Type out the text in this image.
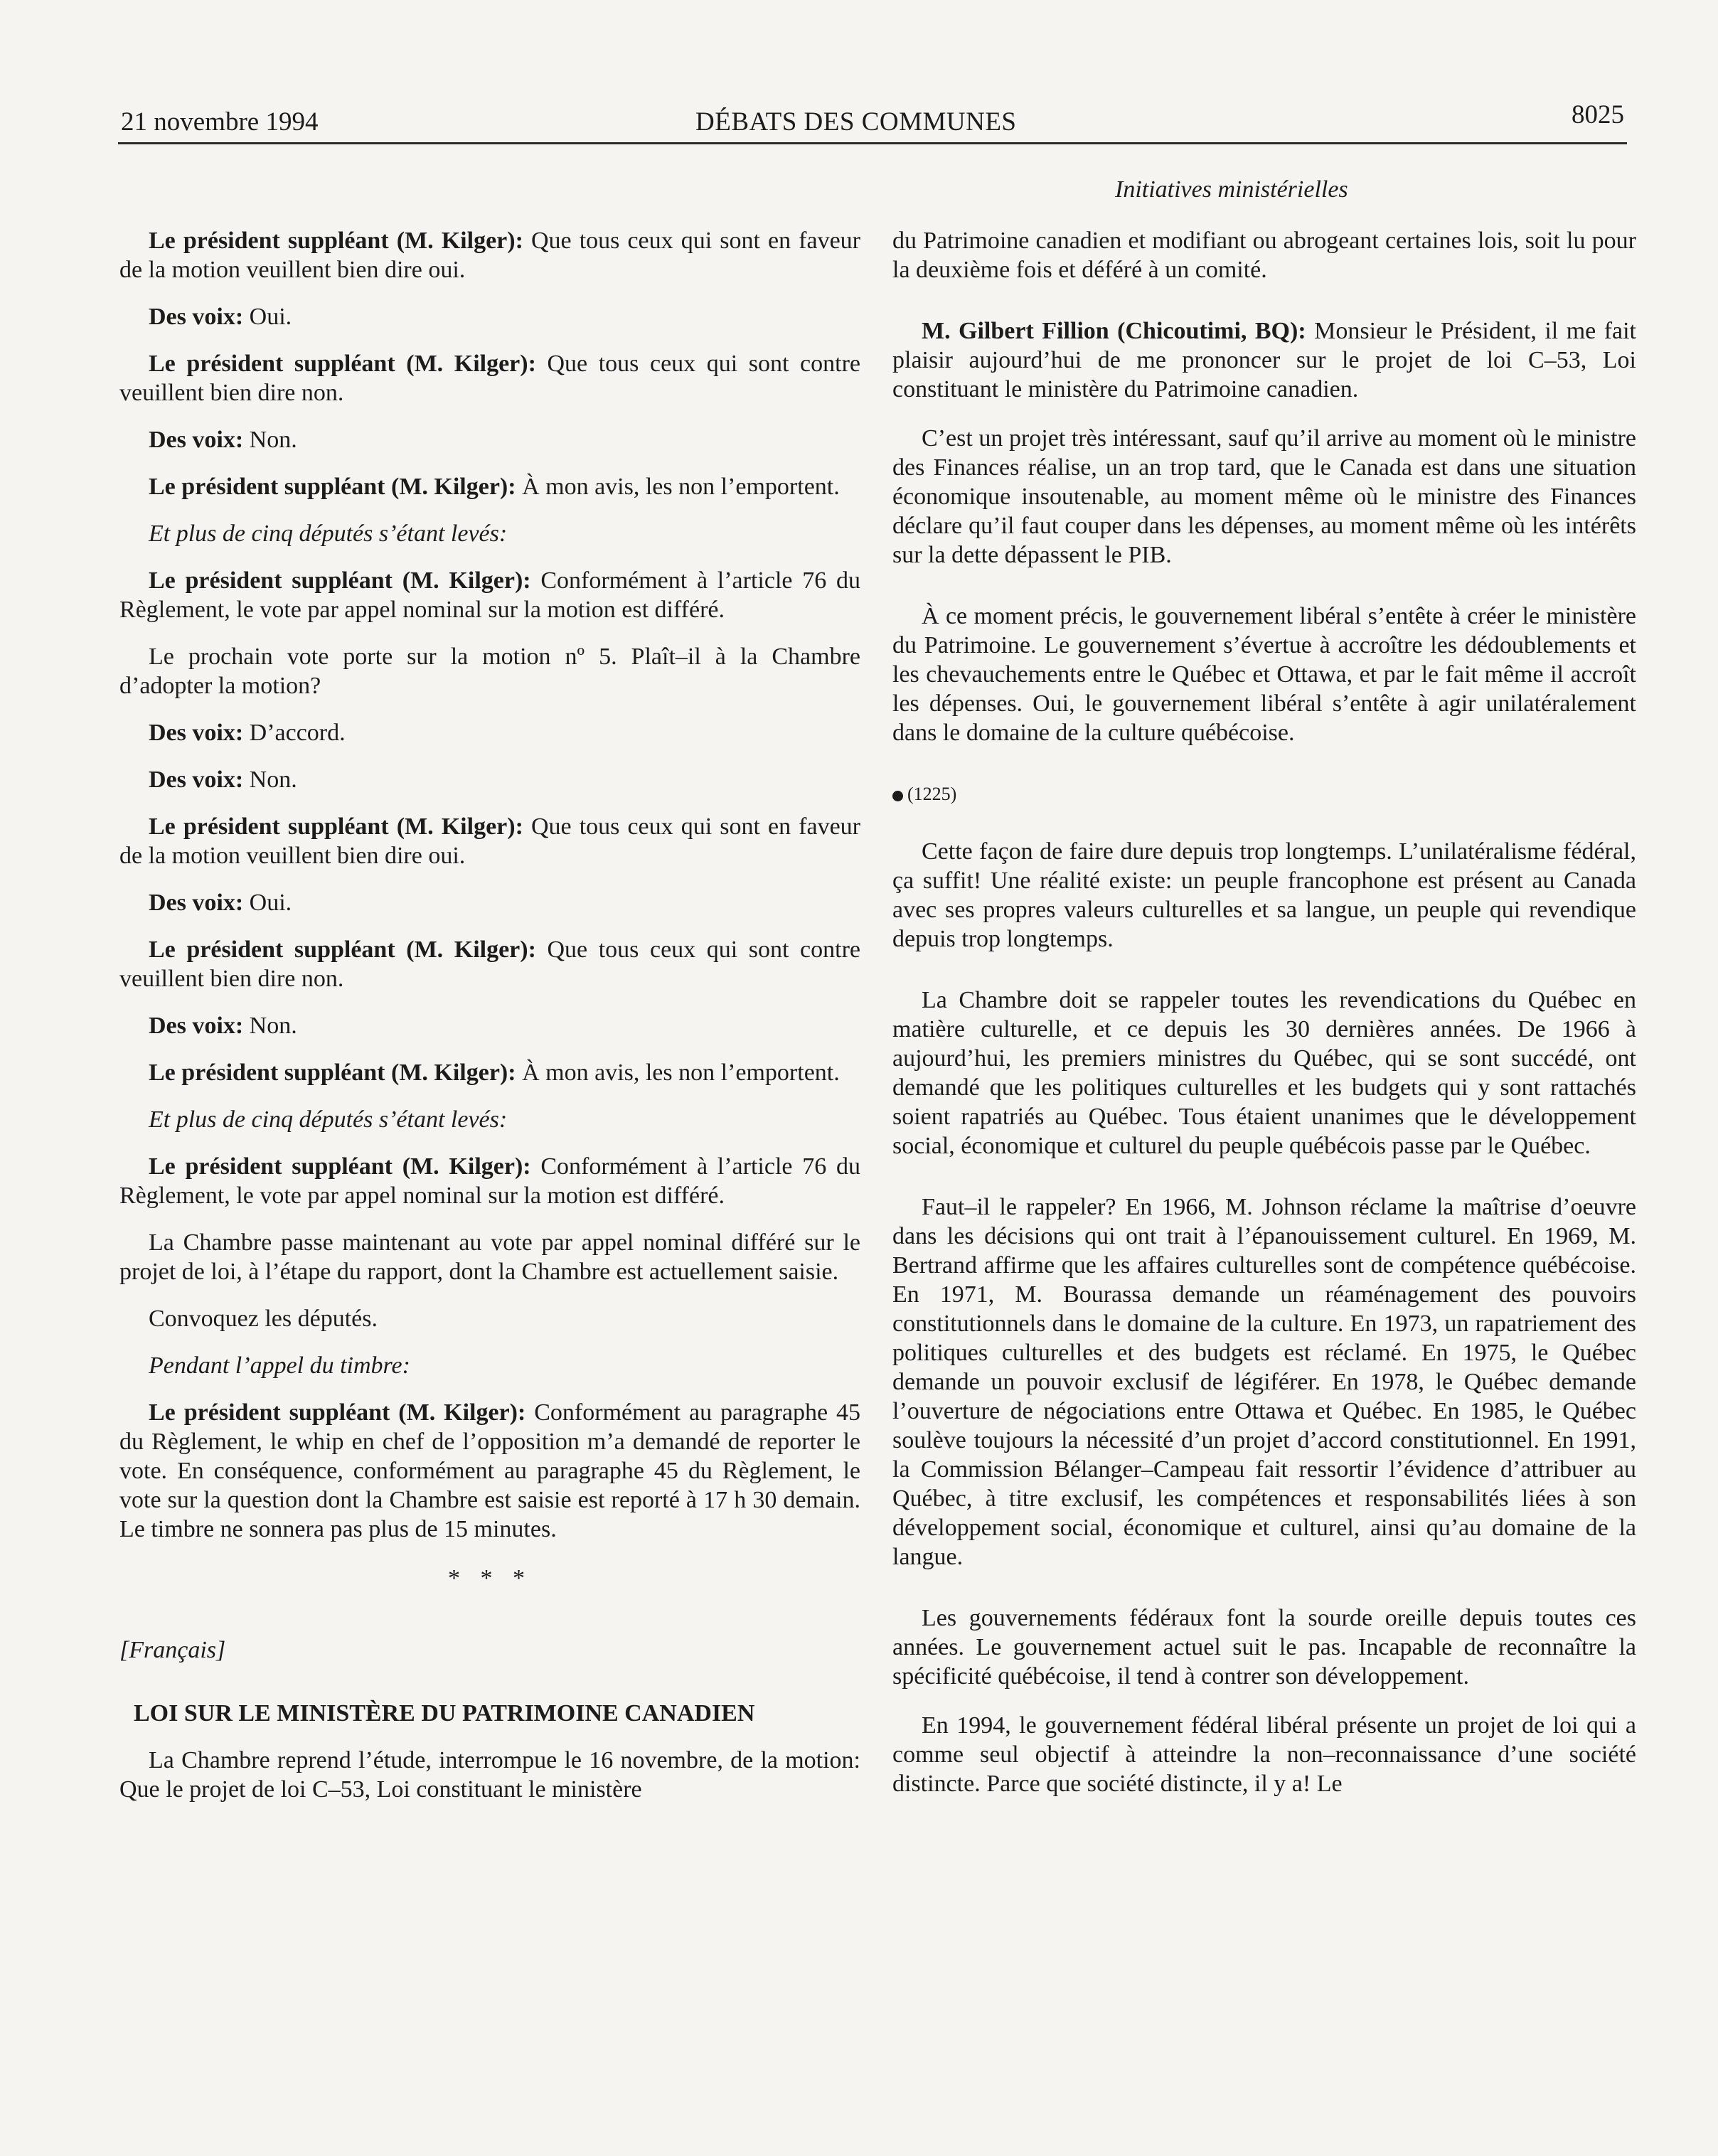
21 novembre 1994	DÉBATS DES COMMUNES	8025
Initiatives ministérielles

Le président suppléant (M. Kilger): Que tous ceux qui sont en faveur de la motion veuillent bien dire oui.

Des voix: Oui.

Le président suppléant (M. Kilger): Que tous ceux qui sont contre veuillent bien dire non.

Des voix: Non.

Le président suppléant (M. Kilger): À mon avis, les non l’emportent.

Et plus de cinq députés s’étant levés:

Le président suppléant (M. Kilger): Conformément à l’article 76 du Règlement, le vote par appel nominal sur la motion est différé.

Le prochain vote porte sur la motion nº 5. Plaît–il à la Chambre d’adopter la motion?

Des voix: D’accord.

Des voix: Non.

Le président suppléant (M. Kilger): Que tous ceux qui sont en faveur de la motion veuillent bien dire oui.

Des voix: Oui.

Le président suppléant (M. Kilger): Que tous ceux qui sont contre veuillent bien dire non.

Des voix: Non.

Le président suppléant (M. Kilger): À mon avis, les non l’emportent.

Et plus de cinq députés s’étant levés:

Le président suppléant (M. Kilger): Conformément à l’article 76 du Règlement, le vote par appel nominal sur la motion est différé.

La Chambre passe maintenant au vote par appel nominal différé sur le projet de loi, à l’étape du rapport, dont la Chambre est actuellement saisie.

Convoquez les députés.

Pendant l’appel du timbre:

Le président suppléant (M. Kilger): Conformément au paragraphe 45 du Règlement, le whip en chef de l’opposition m’a demandé de reporter le vote. En conséquence, conformément au paragraphe 45 du Règlement, le vote sur la question dont la Chambre est saisie est reporté à 17 h 30 demain. Le timbre ne sonnera pas plus de 15 minutes.

* * *
[Français]

LOI SUR LE MINISTÈRE DU PATRIMOINE CANADIEN

La Chambre reprend l’étude, interrompue le 16 novembre, de la motion: Que le projet de loi C–53, Loi constituant le ministère

du Patrimoine canadien et modifiant ou abrogeant certaines lois, soit lu pour la deuxième fois et déféré à un comité.

M. Gilbert Fillion (Chicoutimi, BQ): Monsieur le Président, il me fait plaisir aujourd’hui de me prononcer sur le projet de loi C–53, Loi constituant le ministère du Patrimoine canadien.

C’est un projet très intéressant, sauf qu’il arrive au moment où le ministre des Finances réalise, un an trop tard, que le Canada est dans une situation économique insoutenable, au moment même où le ministre des Finances déclare qu’il faut couper dans les dépenses, au moment même où les intérêts sur la dette dépassent le PIB.

À ce moment précis, le gouvernement libéral s’entête à créer le ministère du Patrimoine. Le gouvernement s’évertue à accroître les dédoublements et les chevauchements entre le Québec et Ottawa, et par le fait même il accroît les dépenses. Oui, le gouvernement libéral s’entête à agir unilatéralement dans le domaine de la culture québécoise.

(1225)

Cette façon de faire dure depuis trop longtemps. L’unilatéralisme fédéral, ça suffit! Une réalité existe: un peuple francophone est présent au Canada avec ses propres valeurs culturelles et sa langue, un peuple qui revendique depuis trop longtemps.

La Chambre doit se rappeler toutes les revendications du Québec en matière culturelle, et ce depuis les 30 dernières années. De 1966 à aujourd’hui, les premiers ministres du Québec, qui se sont succédé, ont demandé que les politiques culturelles et les budgets qui y sont rattachés soient rapatriés au Québec. Tous étaient unanimes que le développement social, économique et culturel du peuple québécois passe par le Québec.

Faut–il le rappeler? En 1966, M. Johnson réclame la maîtrise d’oeuvre dans les décisions qui ont trait à l’épanouissement culturel. En 1969, M. Bertrand affirme que les affaires culturelles sont de compétence québécoise. En 1971, M. Bourassa demande un réaménagement des pouvoirs constitutionnels dans le domaine de la culture. En 1973, un rapatriement des politiques culturelles et des budgets est réclamé. En 1975, le Québec demande un pouvoir exclusif de légiférer. En 1978, le Québec demande l’ouverture de négociations entre Ottawa et Québec. En 1985, le Québec soulève toujours la nécessité d’un projet d’accord constitutionnel. En 1991, la Commission Bélanger–Campeau fait ressortir l’évidence d’attribuer au Québec, à titre exclusif, les compétences et responsabilités liées à son développement social, économique et culturel, ainsi qu’au domaine de la langue.

Les gouvernements fédéraux font la sourde oreille depuis toutes ces années. Le gouvernement actuel suit le pas. Incapable de reconnaître la spécificité québécoise, il tend à contrer son développement.

En 1994, le gouvernement fédéral libéral présente un projet de loi qui a comme seul objectif à atteindre la non–reconnaissance d’une société distincte. Parce que société distincte, il y a! Le
